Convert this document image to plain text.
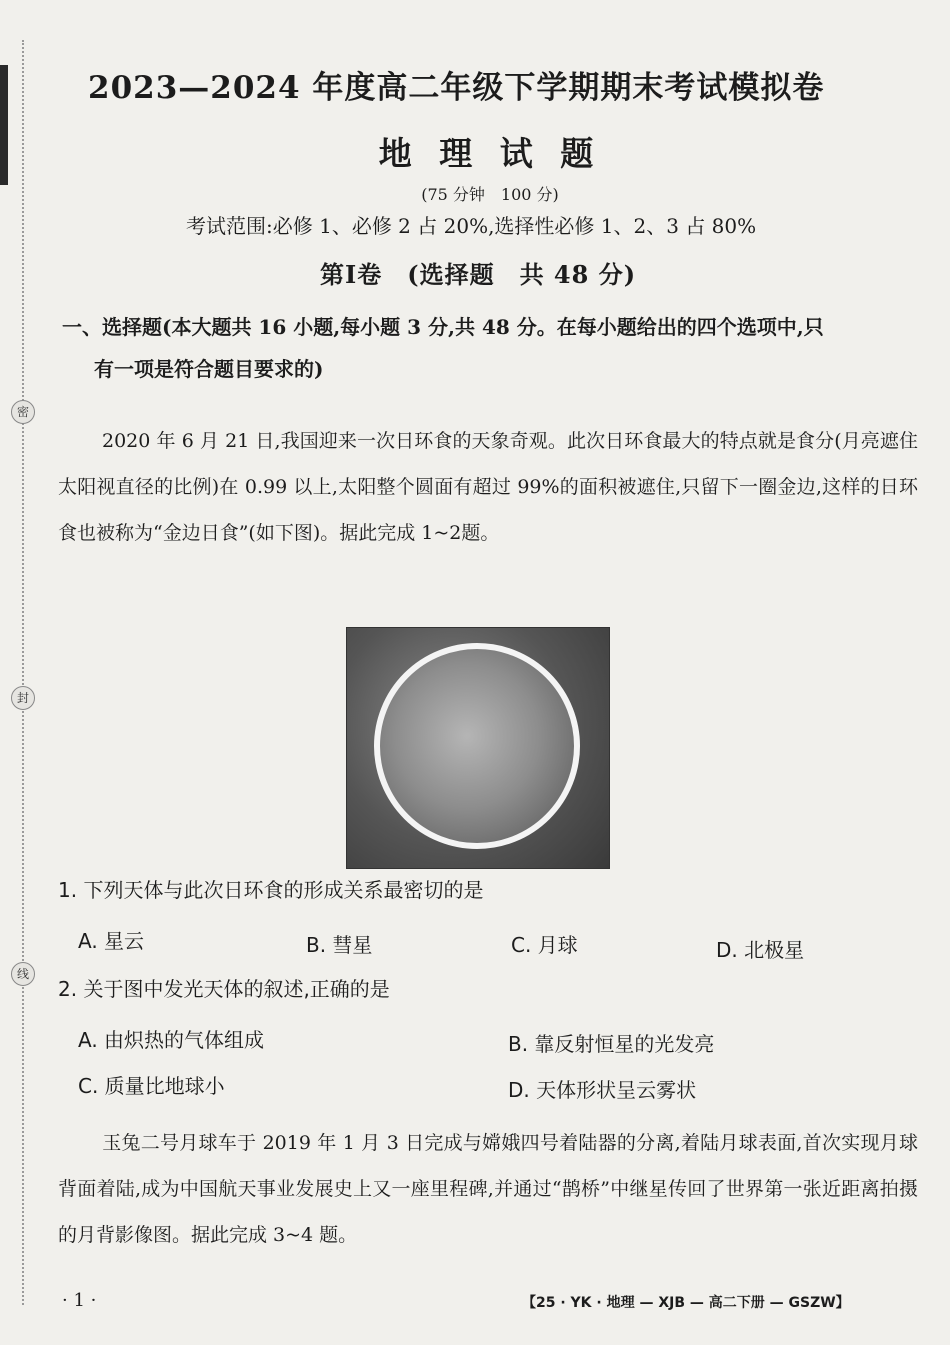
密
封
线
2023—2024 年度高二年级下学期期末考试模拟卷
地 理 试 题
(75 分钟　100 分)
考试范围:必修 1、必修 2 占 20%,选择性必修 1、2、3 占 80%
第Ⅰ卷　(选择题　共 48 分)
一、选择题(本大题共 16 小题,每小题 3 分,共 48 分。在每小题给出的四个选项中,只
有一项是符合题目要求的)
2020 年 6 月 21 日,我国迎来一次日环食的天象奇观。此次日环食最大的特点就是食分(月亮遮住太阳视直径的比例)在 0.99 以上,太阳整个圆面有超过 99%的面积被遮住,只留下一圈金边,这样的日环食也被称为“金边日食”(如下图)。据此完成 1~2题。
1. 下列天体与此次日环食的形成关系最密切的是
A. 星云	B. 彗星	C. 月球	D. 北极星
2. 关于图中发光天体的叙述,正确的是
A. 由炽热的气体组成	B. 靠反射恒星的光发亮
C. 质量比地球小	D. 天体形状呈云雾状
玉兔二号月球车于 2019 年 1 月 3 日完成与嫦娥四号着陆器的分离,着陆月球表面,首次实现月球背面着陆,成为中国航天事业发展史上又一座里程碑,并通过“鹊桥”中继星传回了世界第一张近距离拍摄的月背影像图。据此完成 3~4 题。
· 1 ·	【25 · YK · 地理 — XJB — 高二下册 — GSZW】
